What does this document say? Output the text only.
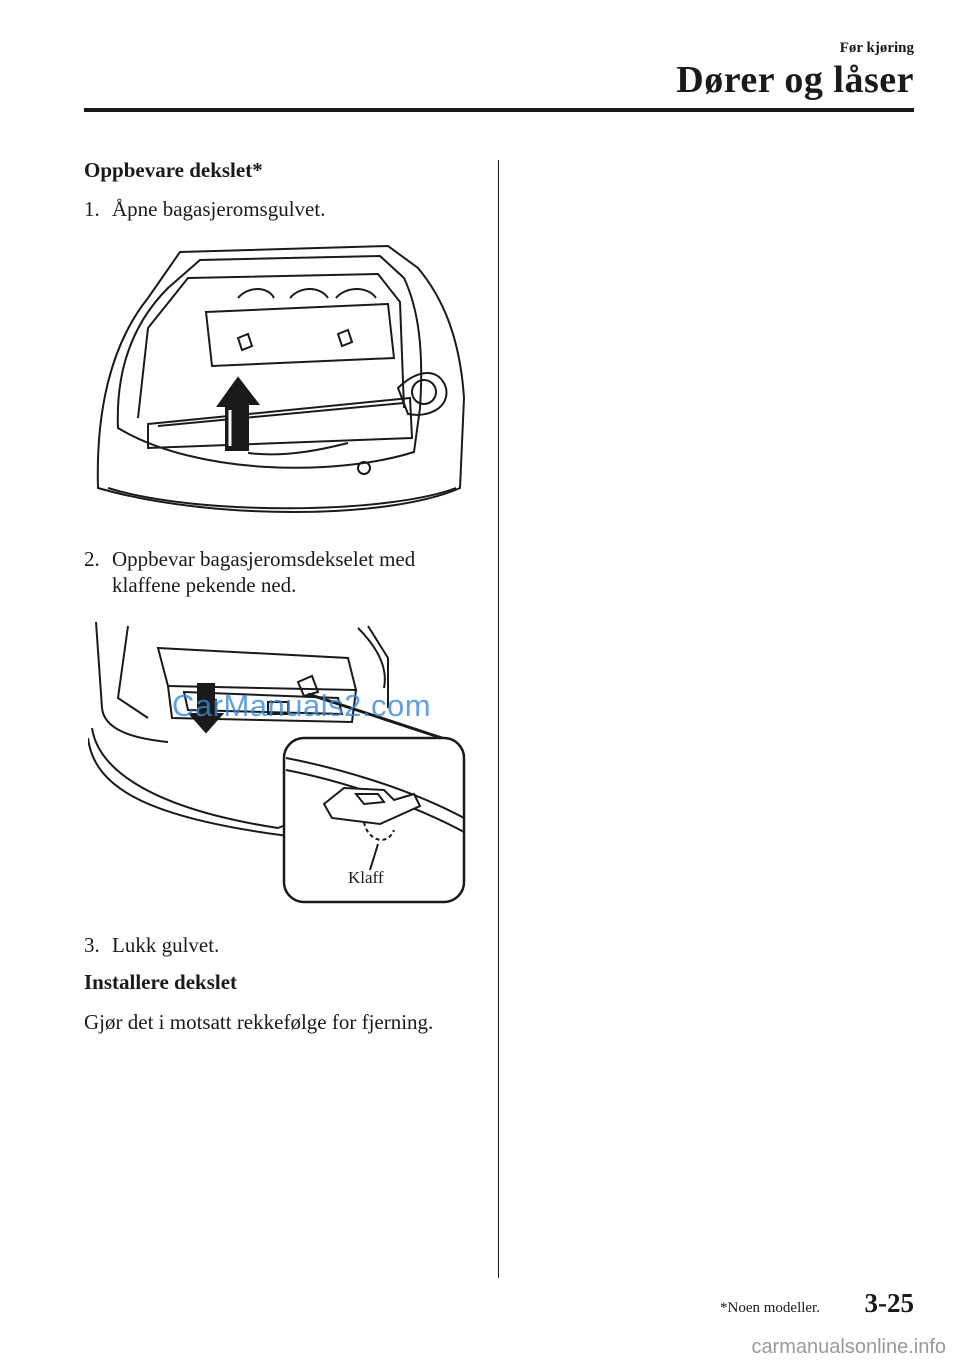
Før kjøring
Dører og låser
Oppbevare dekslet*
1. Åpne bagasjeromsgulvet.
2. Oppbevar bagasjeromsdekselet med klaffene pekende ned.
Klaff
CarManuals2.com
3. Lukk gulvet.
Installere dekslet
Gjør det i motsatt rekkefølge for fjerning.
*Noen modeller. 3-25
carmanualsonline.info
